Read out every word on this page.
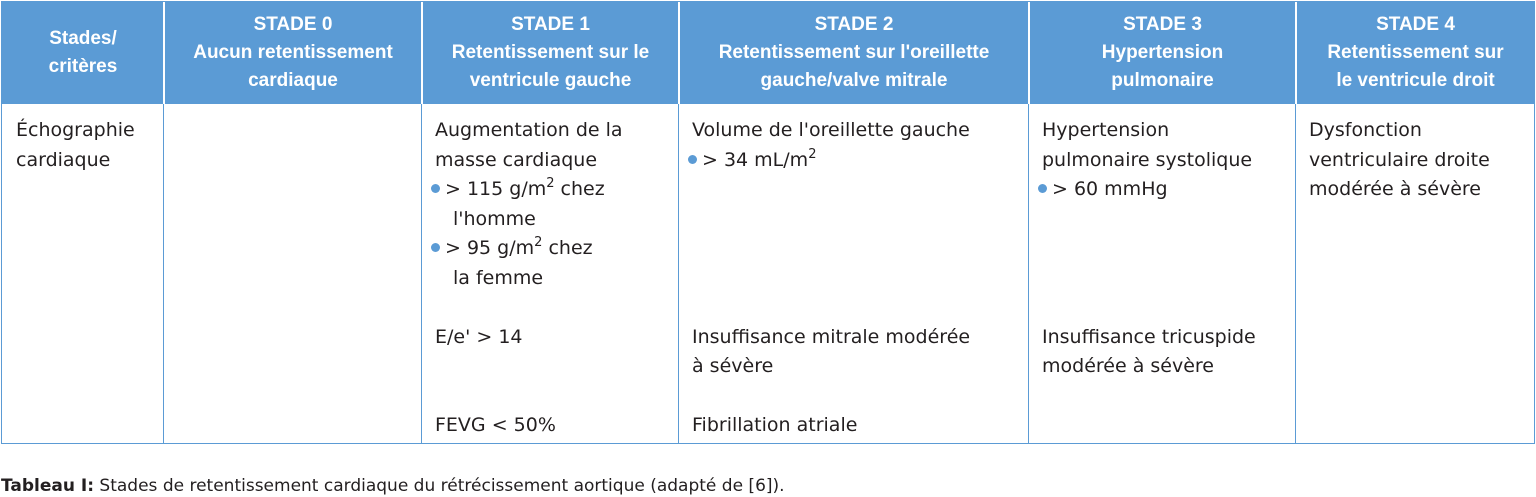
Stades/
critères
STADE 0
Aucun retentissement
cardiaque
STADE 1
Retentissement sur le
ventricule gauche
STADE 2
Retentissement sur l'oreillette
gauche/valve mitrale
STADE 3
Hypertension
pulmonaire
STADE 4
Retentissement sur
le ventricule droit
Échographie
cardiaque
Augmentation de la
masse cardiaque
> 115 $g/m^2$ chez
l'homme
> 95 $g/m^2$ chez
la femme
E/e' > 14
FEVG < 50%
Volume de l'oreillette gauche
> 34 $mL/m^2$
Insuffisance mitrale modérée
à sévère
Fibrillation atriale
Hypertension
pulmonaire systolique
> 60 mmHg
Insuffisance tricuspide
modérée à sévère
Dysfonction
ventriculaire droite
modérée à sévère
Tableau I: Stades de retentissement cardiaque du rétrécissement aortique (adapté de [6]).
